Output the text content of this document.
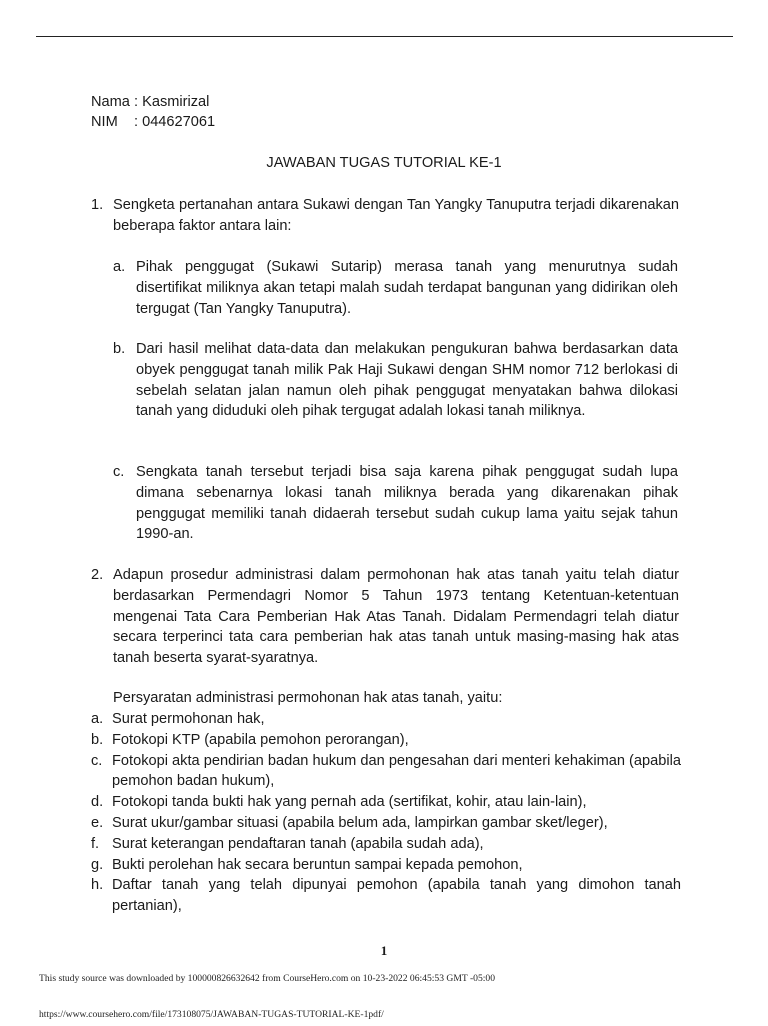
Nama : Kasmirizal
NIM    : 044627061
JAWABAN TUGAS TUTORIAL KE-1
1. Sengketa pertanahan antara Sukawi dengan Tan Yangky Tanuputra terjadi dikarenakan beberapa faktor antara lain:
a. Pihak penggugat (Sukawi Sutarip) merasa tanah yang menurutnya sudah disertifikat miliknya akan tetapi malah sudah terdapat bangunan yang didirikan oleh tergugat (Tan Yangky Tanuputra).
b. Dari hasil melihat data-data dan melakukan pengukuran bahwa berdasarkan data obyek penggugat tanah milik Pak Haji Sukawi dengan SHM nomor 712 berlokasi di sebelah selatan jalan namun oleh pihak penggugat menyatakan bahwa dilokasi tanah yang diduduki oleh pihak tergugat adalah lokasi tanah miliknya.
c. Sengkata tanah tersebut terjadi bisa saja karena pihak penggugat sudah lupa dimana sebenarnya lokasi tanah miliknya berada yang dikarenakan pihak penggugat memiliki tanah didaerah tersebut sudah cukup lama yaitu sejak tahun 1990-an.
2. Adapun prosedur administrasi dalam permohonan hak atas tanah yaitu telah diatur berdasarkan Permendagri Nomor 5 Tahun 1973 tentang Ketentuan-ketentuan mengenai Tata Cara Pemberian Hak Atas Tanah. Didalam Permendagri telah diatur secara terperinci tata cara pemberian hak atas tanah untuk masing-masing hak atas tanah beserta syarat-syaratnya.
Persyaratan administrasi permohonan hak atas tanah, yaitu:
a. Surat permohonan hak,
b. Fotokopi KTP (apabila pemohon perorangan),
c. Fotokopi akta pendirian badan hukum dan pengesahan dari menteri kehakiman (apabila pemohon badan hukum),
d. Fotokopi tanda bukti hak yang pernah ada (sertifikat, kohir, atau lain-lain),
e. Surat ukur/gambar situasi (apabila belum ada, lampirkan gambar sket/leger),
f. Surat keterangan pendaftaran tanah (apabila sudah ada),
g. Bukti perolehan hak secara beruntun sampai kepada pemohon,
h. Daftar tanah yang telah dipunyai pemohon (apabila tanah yang dimohon tanah pertanian),
1
This study source was downloaded by 100000826632642 from CourseHero.com on 10-23-2022 06:45:53 GMT -05:00
https://www.coursehero.com/file/173108075/JAWABAN-TUGAS-TUTORIAL-KE-1pdf/
